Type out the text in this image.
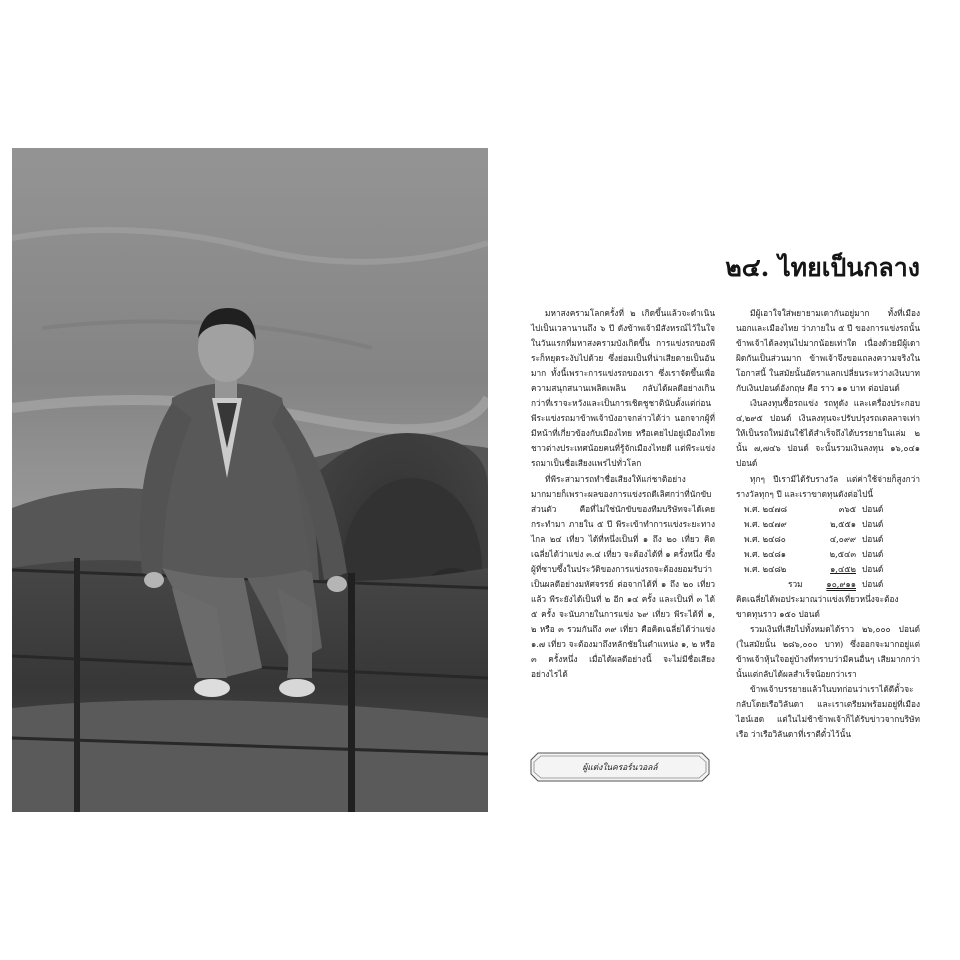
๒๔. ไทยเป็นกลาง

มหาสงครามโลกครั้งที่ ๒ เกิดขึ้นแล้วจะดำเนินไปเป็นเวลานานถึง ๖ ปี ดังข้าพเจ้ามีสังหรณ์ไว้ในใจ ในวันแรกที่มหาสงครามบังเกิดขึ้น การแข่งรถของพีระก็หยุดระงับไปด้วย ซึ่งย่อมเป็นที่น่าเสียดายเป็นอันมาก ทั้งนี้เพราะการแข่งรถของเรา ซึ่งเราจัดขึ้นเพื่อความสนุกสนานเพลิดเพลิน กลับได้ผลดีอย่างเกินกว่าที่เราจะหวังและเป็นการเชิดชูชาตินับตั้งแต่ก่อนพีระแข่งรถมาข้าพเจ้าบังอาจกล่าวได้ว่า นอกจากผู้ที่มีหน้าที่เกี่ยวข้องกับเมืองไทย หรือเคยไปอยู่เมืองไทย ชาวต่างประเทศน้อยคนที่รู้จักเมืองไทยดี แต่พีระแข่งรถมาเป็นชื่อเสียงแพร่ไปทั่วโลก

ที่พีระสามารถทำชื่อเสียงให้แก่ชาติอย่างมากมายก็เพราะผลของการแข่งรถดีเลิศกว่าที่นักขับส่วนตัว คือที่ไม่ใช่นักขับของทีมบริษัทจะได้เคยกระทำมา ภายใน ๕ ปี พีระเข้าทำการแข่งระยะทางไกล ๒๔ เที่ยว ได้ที่หนึ่งเป็นที่ ๑ ถึง ๒๐ เที่ยว คิดเฉลี่ยได้ว่าแข่ง ๓.๔ เที่ยว จะต้องได้ที่ ๑ ครั้งหนึ่ง ซึ่งผู้ที่ซาบซึ้งในประวัติของการแข่งรถจะต้องยอมรับว่าเป็นผลดีอย่างมหัศจรรย์ ต่อจากได้ที่ ๑ ถึง ๒๐ เที่ยวแล้ว พีระยังได้เป็นที่ ๒ อีก ๑๔ ครั้ง และเป็นที่ ๓ ได้ ๕ ครั้ง จะนับภายในการแข่ง ๖๙ เที่ยว พีระได้ที่ ๑, ๒ หรือ ๓ รวมกันถึง ๓๙ เที่ยว คือคิดเฉลี่ยได้ว่าแข่ง ๑.๗ เที่ยว จะต้องมาถึงหลักชัยในตำแหน่ง ๑, ๒ หรือ ๓ ครั้งหนึ่ง เมื่อได้ผลดีอย่างนี้ จะไม่มีชื่อเสียงอย่างไรได้

มีผู้เอาใจใส่พยายามเดากันอยู่มาก ทั้งที่เมืองนอกและเมืองไทย ว่าภายใน ๕ ปี ของการแข่งรถนั้นข้าพเจ้าได้ลงทุนไปมากน้อยเท่าใด เนื่องด้วยมีผู้เดาผิดกันเป็นส่วนมาก ข้าพเจ้าจึงขอแถลงความจริงในโอกาสนี้ ในสมัยนั้นอัตราแลกเปลี่ยนระหว่างเงินบาทกับเงินปอนด์อังกฤษ คือ ราว ๑๑ บาท ต่อปอนด์

เงินลงทุนซื้อรถแข่ง รถทูดัง และเครื่องประกอบ ๔,๒๙๕ ปอนด์ เงินลงทุนจะปรับปรุงรถเตลลาจเท่าให้เป็นรถใหม่อันใช้ได้สำเร็จถึงได้บรรยายในเล่ม ๒ นั้น ๗,๗๔๖ ปอนด์ จะนั้นรวมเงินลงทุน ๑๖,๐๔๑ ปอนด์

ทุกๆ ปีเรามีได้รับรางวัล แต่ค่าใช้จ่ายก็สูงกว่ารางวัลทุกๆ ปี และเราขาดทุนดังต่อไปนี้

พ.ศ. ๒๔๗๘	๓๖๕	ปอนด์
พ.ศ. ๒๔๗๙	๒,๕๕๑	ปอนด์
พ.ศ. ๒๔๘๐	๔,๐๙๙	ปอนด์
พ.ศ. ๒๔๘๑	๒,๕๔๓	ปอนด์
พ.ศ. ๒๔๘๒	๑,๔๕๒	ปอนด์
รวม	๑๐,๙๑๑	ปอนด์

คิดเฉลี่ยได้พอประมาณว่าแข่งเที่ยวหนึ่งจะต้องขาดทุนราว ๑๕๐ ปอนด์

รวมเงินที่เสียไปทั้งหมดได้ราว ๒๖,๐๐๐ ปอนด์ (ในสมัยนั้น ๒๘๖,๐๐๐ บาท) ซึ่งออกจะมากอยู่แต่ข้าพเจ้าหุ้นใจอยู่บ้างที่ทราบว่ามีคนอื่นๆ เสียมากกว่านั้นแต่กลับได้ผลสำเร็จน้อยกว่าเรา

ข้าพเจ้าบรรยายแล้วในบทก่อนว่าเราได้ดีตั้วจะกลับโดยเรือวิลันดา และเราเตรียมพร้อมอยู่ที่เมืองไฮน์เฮด แต่ในไม่ช้าข้าพเจ้าก็ได้รับข่าวจากบริษัทเรือ ว่าเรือวิลันดาที่เราตีตั๋วไว้นั้น

ผู้แต่งในครอร์นวอลล์
